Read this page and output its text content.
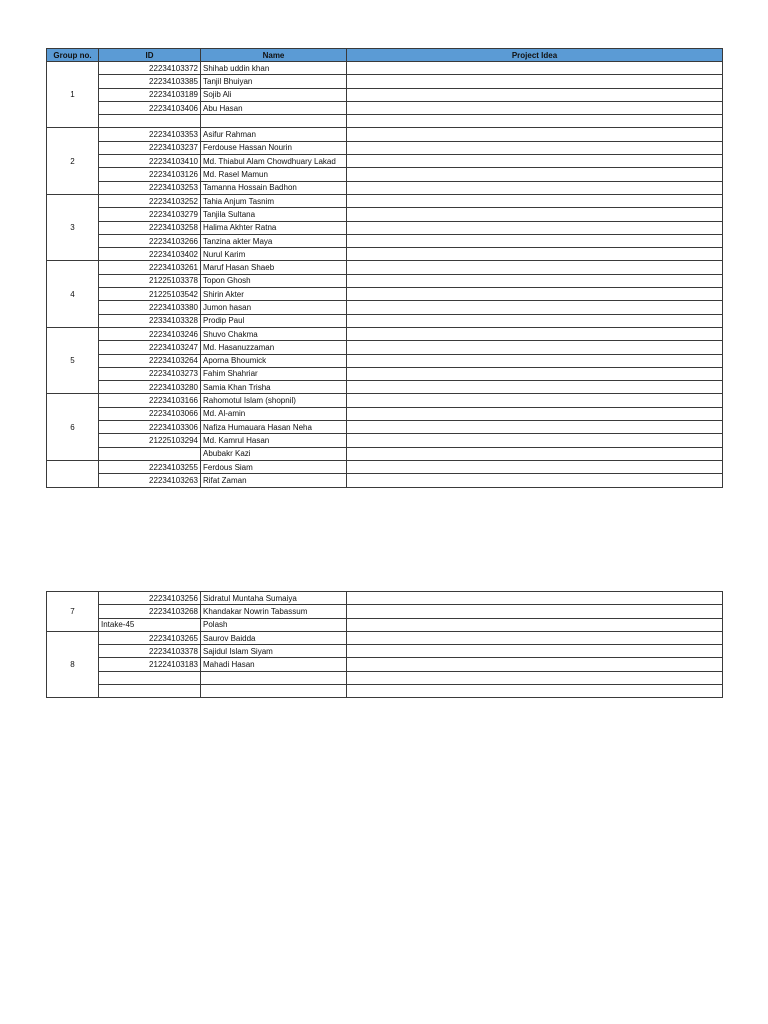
Group no.	ID	Name	Project Idea
1	22234103372	Shihab uddin khan	
	22234103385	Tanjil Bhuiyan	
	22234103189	Sojib Ali	
	22234103406	Abu Hasan	

2	22234103353	Asifur Rahman	
	22234103237	Ferdouse Hassan Nourin	
	22234103410	Md. Thiabul Alam Chowdhuary Lakad	
	22234103126	Md. Rasel Mamun	
	22234103253	Tamanna Hossain Badhon	
3	22234103252	Tahia Anjum Tasnim	
	22234103279	Tanjila Sultana	
	22234103258	Halima Akhter Ratna	
	22234103266	Tanzina akter Maya	
	22234103402	Nurul Karim	
4	22234103261	Maruf Hasan Shaeb	
	21225103378	Topon Ghosh	
	21225103542	Shirin Akter	
	22234103380	Jumon hasan	
	22334103328	Prodip Paul	
5	22234103246	Shuvo Chakma	
	22234103247	Md. Hasanuzzaman	
	22234103264	Aporna Bhoumick	
	22234103273	Fahim Shahriar	
	22234103280	Samia Khan Trisha	
6	22234103166	Rahomotul Islam (shopnil)	
	22234103066	Md. Al-amin	
	22234103306	Nafiza Humauara Hasan Neha	
	21225103294	Md. Kamrul Hasan	
		Abubakr Kazi	
	22234103255	Ferdous Siam	
	22234103263	Rifat Zaman	
7	22234103256	Sidratul Muntaha Sumaiya	
	22234103268	Khandakar Nowrin Tabassum	
	Intake-45	Polash	
8	22234103265	Saurov Baidda	
	22234103378	Sajidul Islam Siyam	
	21224103183	Mahadi Hasan	
